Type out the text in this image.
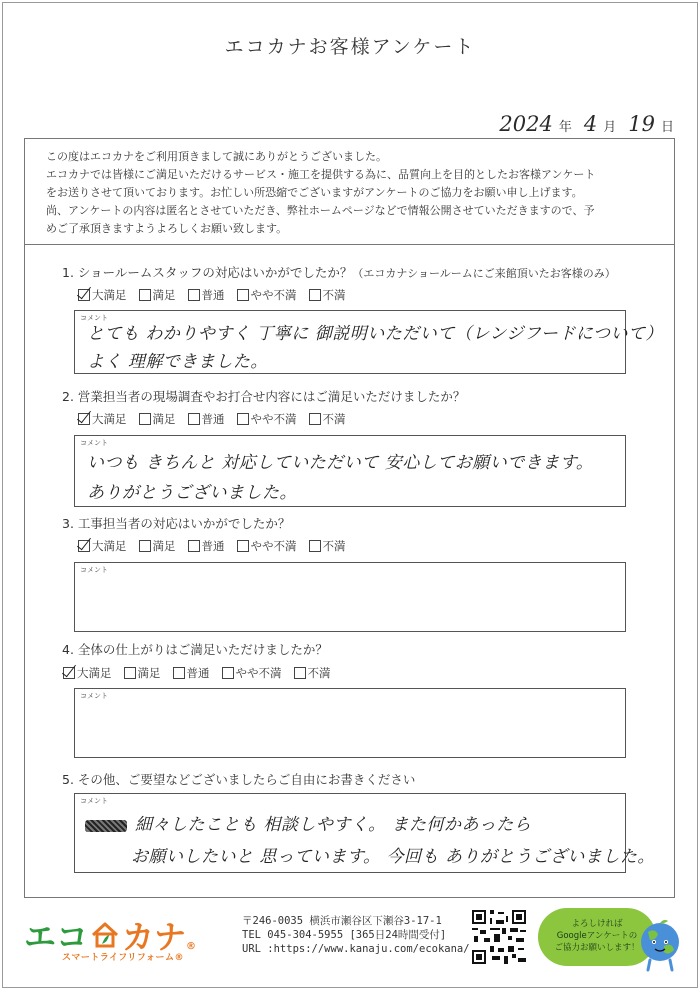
エコカナお客様アンケート
2024 年 4 月 19 日
この度はエコカナをご利用頂きまして誠にありがとうございました。
エコカナでは皆様にご満足いただけるサービス・施工を提供する為に、品質向上を目的としたお客様アンケート
をお送りさせて頂いております。お忙しい所恐縮でございますがアンケートのご協力をお願い申し上げます。
尚、アンケートの内容は匿名とさせていただき、弊社ホームページなどで情報公開させていただきますので、予
めご了承頂きますようよろしくお願い致します。
1. ショールームスタッフの対応はいかがでしたか？（エコカナショールームにご来館頂いたお客様のみ）
大満足 満足 普通 やや不満 不満
コメント
とても わかりやすく 丁寧に 御説明いただいて（レンジフードについて）
よく 理解できました。
2. 営業担当者の現場調査やお打合せ内容にはご満足いただけましたか？
大満足 満足 普通 やや不満 不満
コメント
いつも きちんと 対応していただいて 安心してお願いできます。
ありがとうございました。
3. 工事担当者の対応はいかがでしたか？
大満足 満足 普通 やや不満 不満
コメント
4. 全体の仕上がりはご満足いただけましたか？
大満足 満足 普通 やや不満 不満
コメント
5. その他、ご要望などございましたらご自由にお書きください
コメント
細々したことも 相談しやすく。 また何かあったら
お願いしたいと 思っています。 今回も ありがとうございました。
エコ カナ ®
スマートライフリフォーム®
〒246-0035 横浜市瀬谷区下瀬谷3-17-1
TEL 045-304-5955 [365日24時間受付]
URL :https://www.kanaju.com/ecokana/
よろしければ
Googleアンケートの
ご協力お願いします！
